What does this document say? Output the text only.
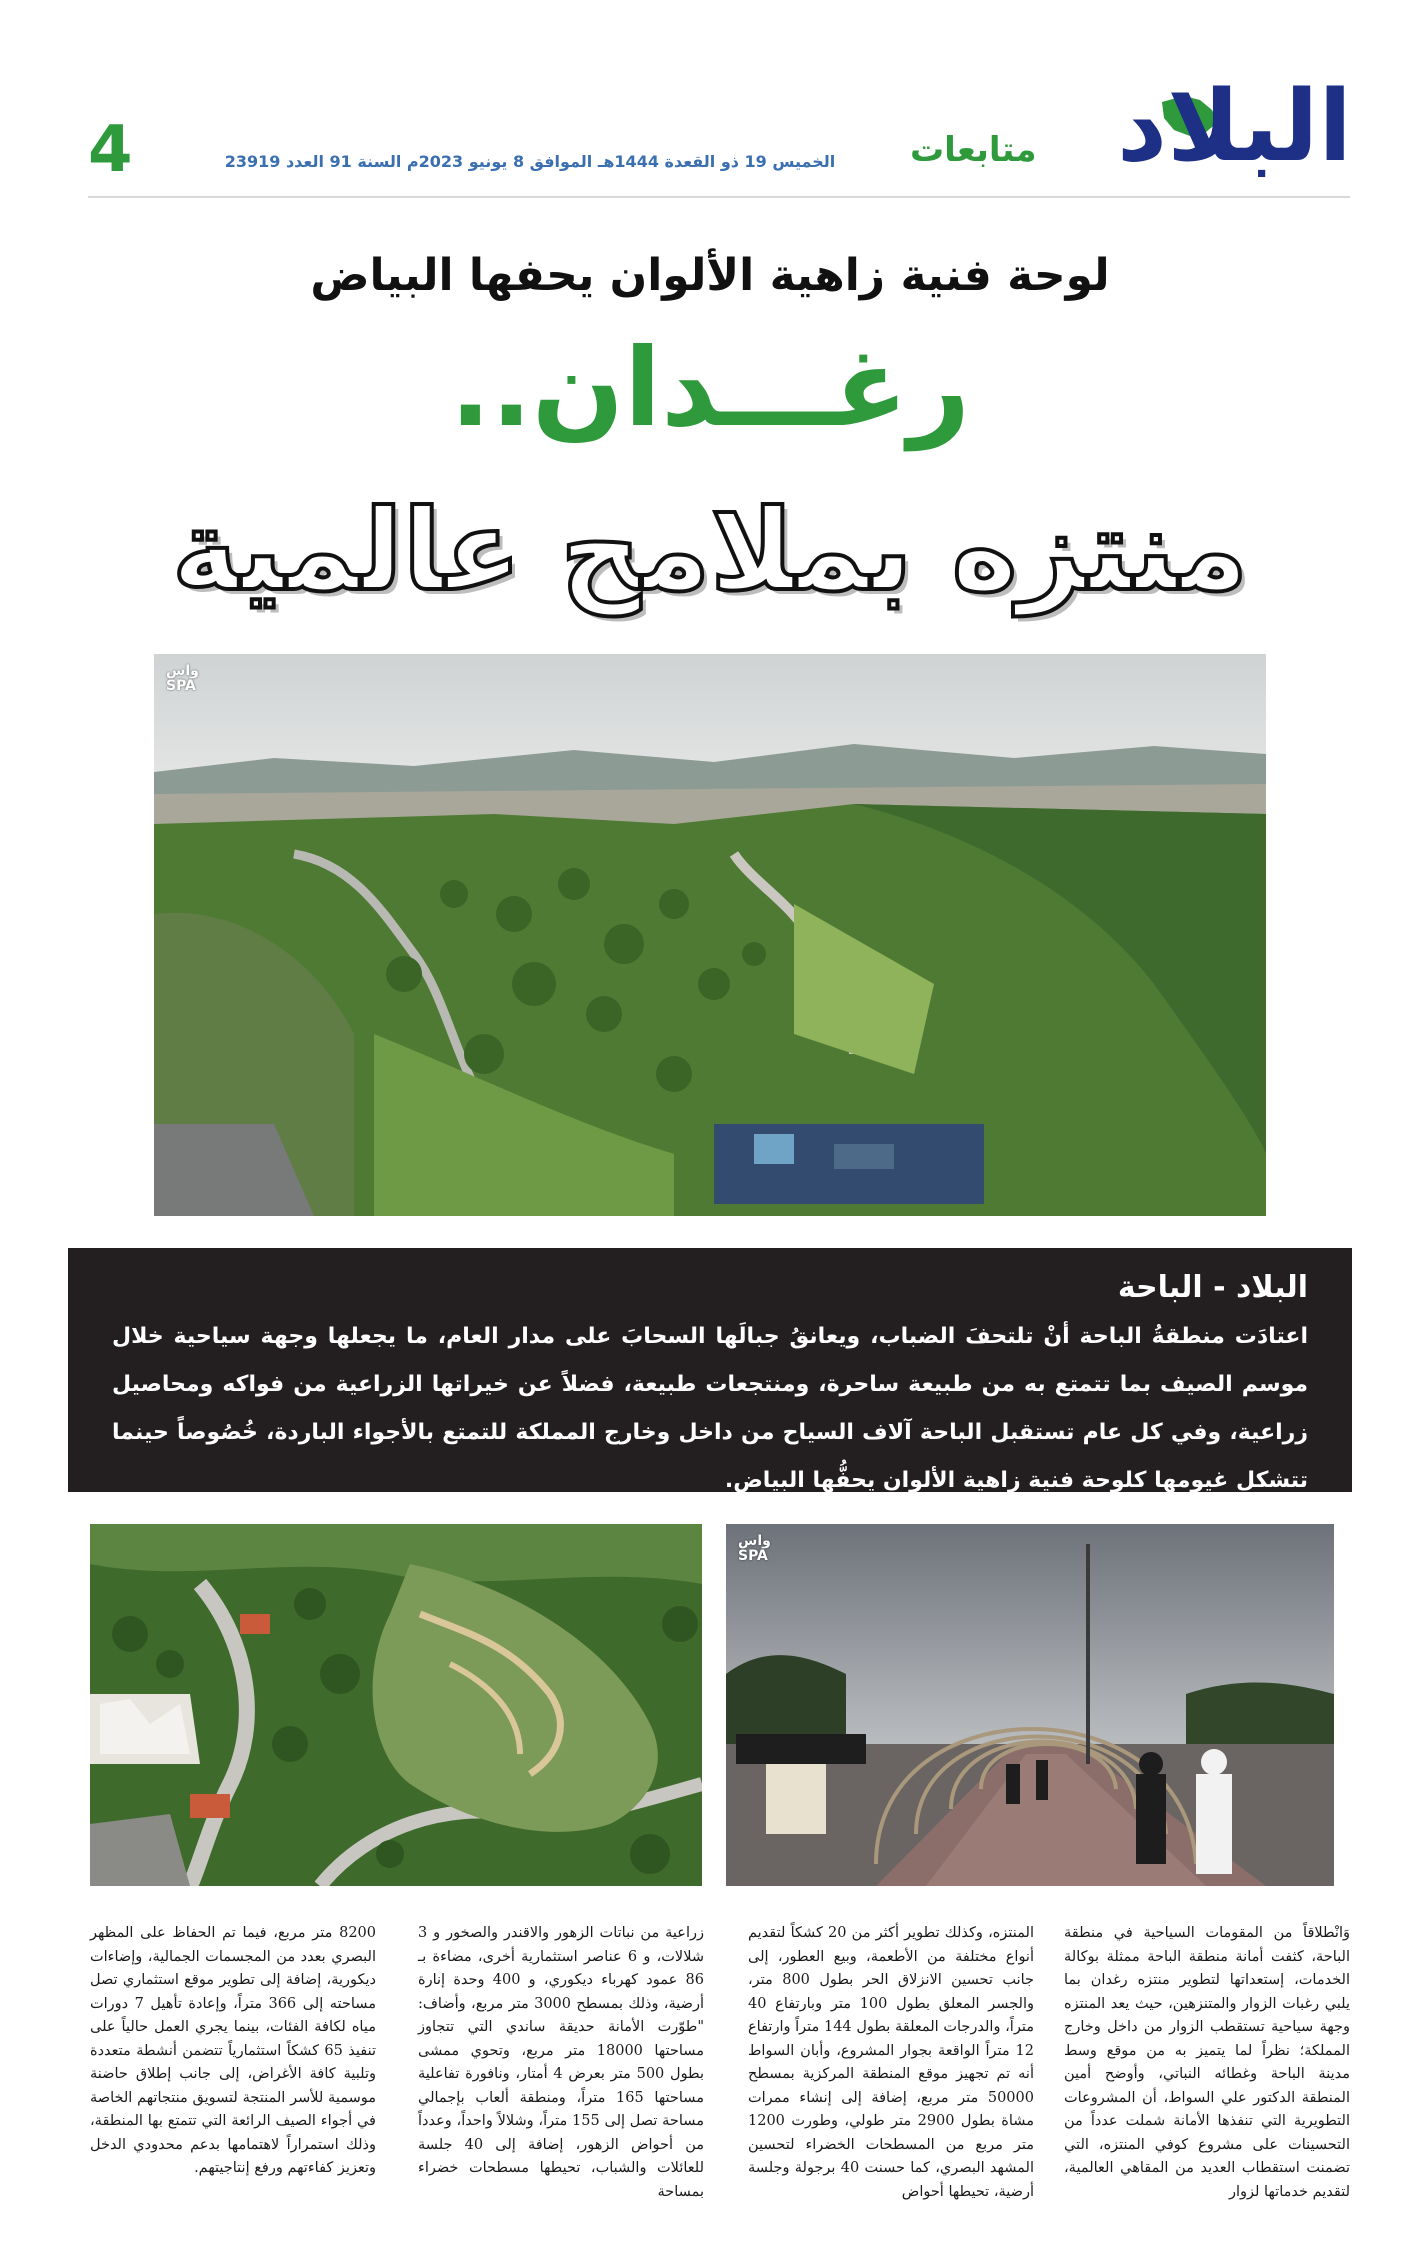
4	الخميس 19 ذو القعدة 1444هـ الموافق 8 يونيو 2023م السنة 91 العدد 23919	متابعات البلاد
لوحة فنية زاهية الألوان يحفها البياض
رغـــدان..
منتزه بملامح عالمية
واس
SPA

البلاد - الباحة

اعتادَت منطقةُ الباحة أنْ تلتحفَ الضباب، ويعانقُ جبالَها السحابَ على مدار العام، ما يجعلها وجهة سياحية خلال موسم الصيف بما تتمتع به من طبيعة ساحرة، ومنتجعات طبيعة، فضلاً عن خيراتها الزراعية من فواكه ومحاصيل زراعية، وفي كل عام تستقبل الباحة آلاف السياح من داخل وخارج المملكة للتمتع بالأجواء الباردة، خُصُوصاً حينما تتشكل غيومها كلوحة فنية زاهية الألوان يحفُّها البياض.

واس
SPA

وَانْطلاقاً من المقومات السياحية في منطقة الباحة، كثفت أمانة منطقة الباحة ممثلة بوكالة الخدمات، إستعداتها لتطوير منتزه رغدان بما يلبي رغبات الزوار والمتنزهين، حيث يعد المنتزه وجهة سياحية تستقطب الزوار من داخل وخارج المملكة؛ نظراً لما يتميز به من موقع وسط مدينة الباحة وغطائه النباتي، وأوضح أمين المنطقة الدكتور علي السواط، أن المشروعات التطويرية التي تنفذها الأمانة شملت عدداً من التحسينات على مشروع كوفي المنتزه، التي تضمنت استقطاب العديد من المقاهي العالمية، لتقديم خدماتها لزوار

المنتزه، وكذلك تطوير أكثر من 20 كشكاً لتقديم أنواع مختلفة من الأطعمة، وبيع العطور، إلى جانب تحسين الانزلاق الحر بطول 800 متر، والجسر المعلق بطول 100 متر وبارتفاع 40 متراً، والدرجات المعلقة بطول 144 متراً وارتفاع 12 متراً الواقعة بجوار المشروع، وأبان السواط أنه تم تجهيز موقع المنطقة المركزية بمسطح 50000 متر مربع، إضافة إلى إنشاء ممرات مشاة بطول 2900 متر طولي، وطورت 1200 متر مربع من المسطحات الخضراء لتحسين المشهد البصري، كما حسنت 40 برجولة وجلسة أرضية، تحيطها أحواض

زراعية من نباتات الزهور والاقندر والصخور و 3 شلالات، و 6 عناصر استثمارية أخرى، مضاءة بـ 86 عمود كهرباء ديكوري، و 400 وحدة إنارة أرضية، وذلك بمسطح 3000 متر مربع، وأضاف: "طوّرت الأمانة حديقة ساندي التي تتجاوز مساحتها 18000 متر مربع، وتحوي ممشى بطول 500 متر بعرض 4 أمتار، ونافورة تفاعلية مساحتها 165 متراً، ومنطقة ألعاب بإجمالي مساحة تصل إلى 155 متراً، وشلالاً واحداً، وعدداً من أحواض الزهور، إضافة إلى 40 جلسة للعائلات والشباب، تحيطها مسطحات خضراء بمساحة

8200 متر مربع، فيما تم الحفاظ على المظهر البصري بعدد من المجسمات الجمالية، وإضاءات ديكورية، إضافة إلى تطوير موقع استثماري تصل مساحته إلى 366 متراً، وإعادة تأهيل 7 دورات مياه لكافة الفئات، بينما يجري العمل حالياً على تنفيذ 65 كشكاً استثمارياً تتضمن أنشطة متعددة وتلبية كافة الأغراض، إلى جانب إطلاق حاضنة موسمية للأسر المنتجة لتسويق منتجاتهم الخاصة في أجواء الصيف الرائعة التي تتمتع بها المنطقة، وذلك استمراراً لاهتمامها بدعم محدودي الدخل وتعزيز كفاءتهم ورفع إنتاجيتهم.
